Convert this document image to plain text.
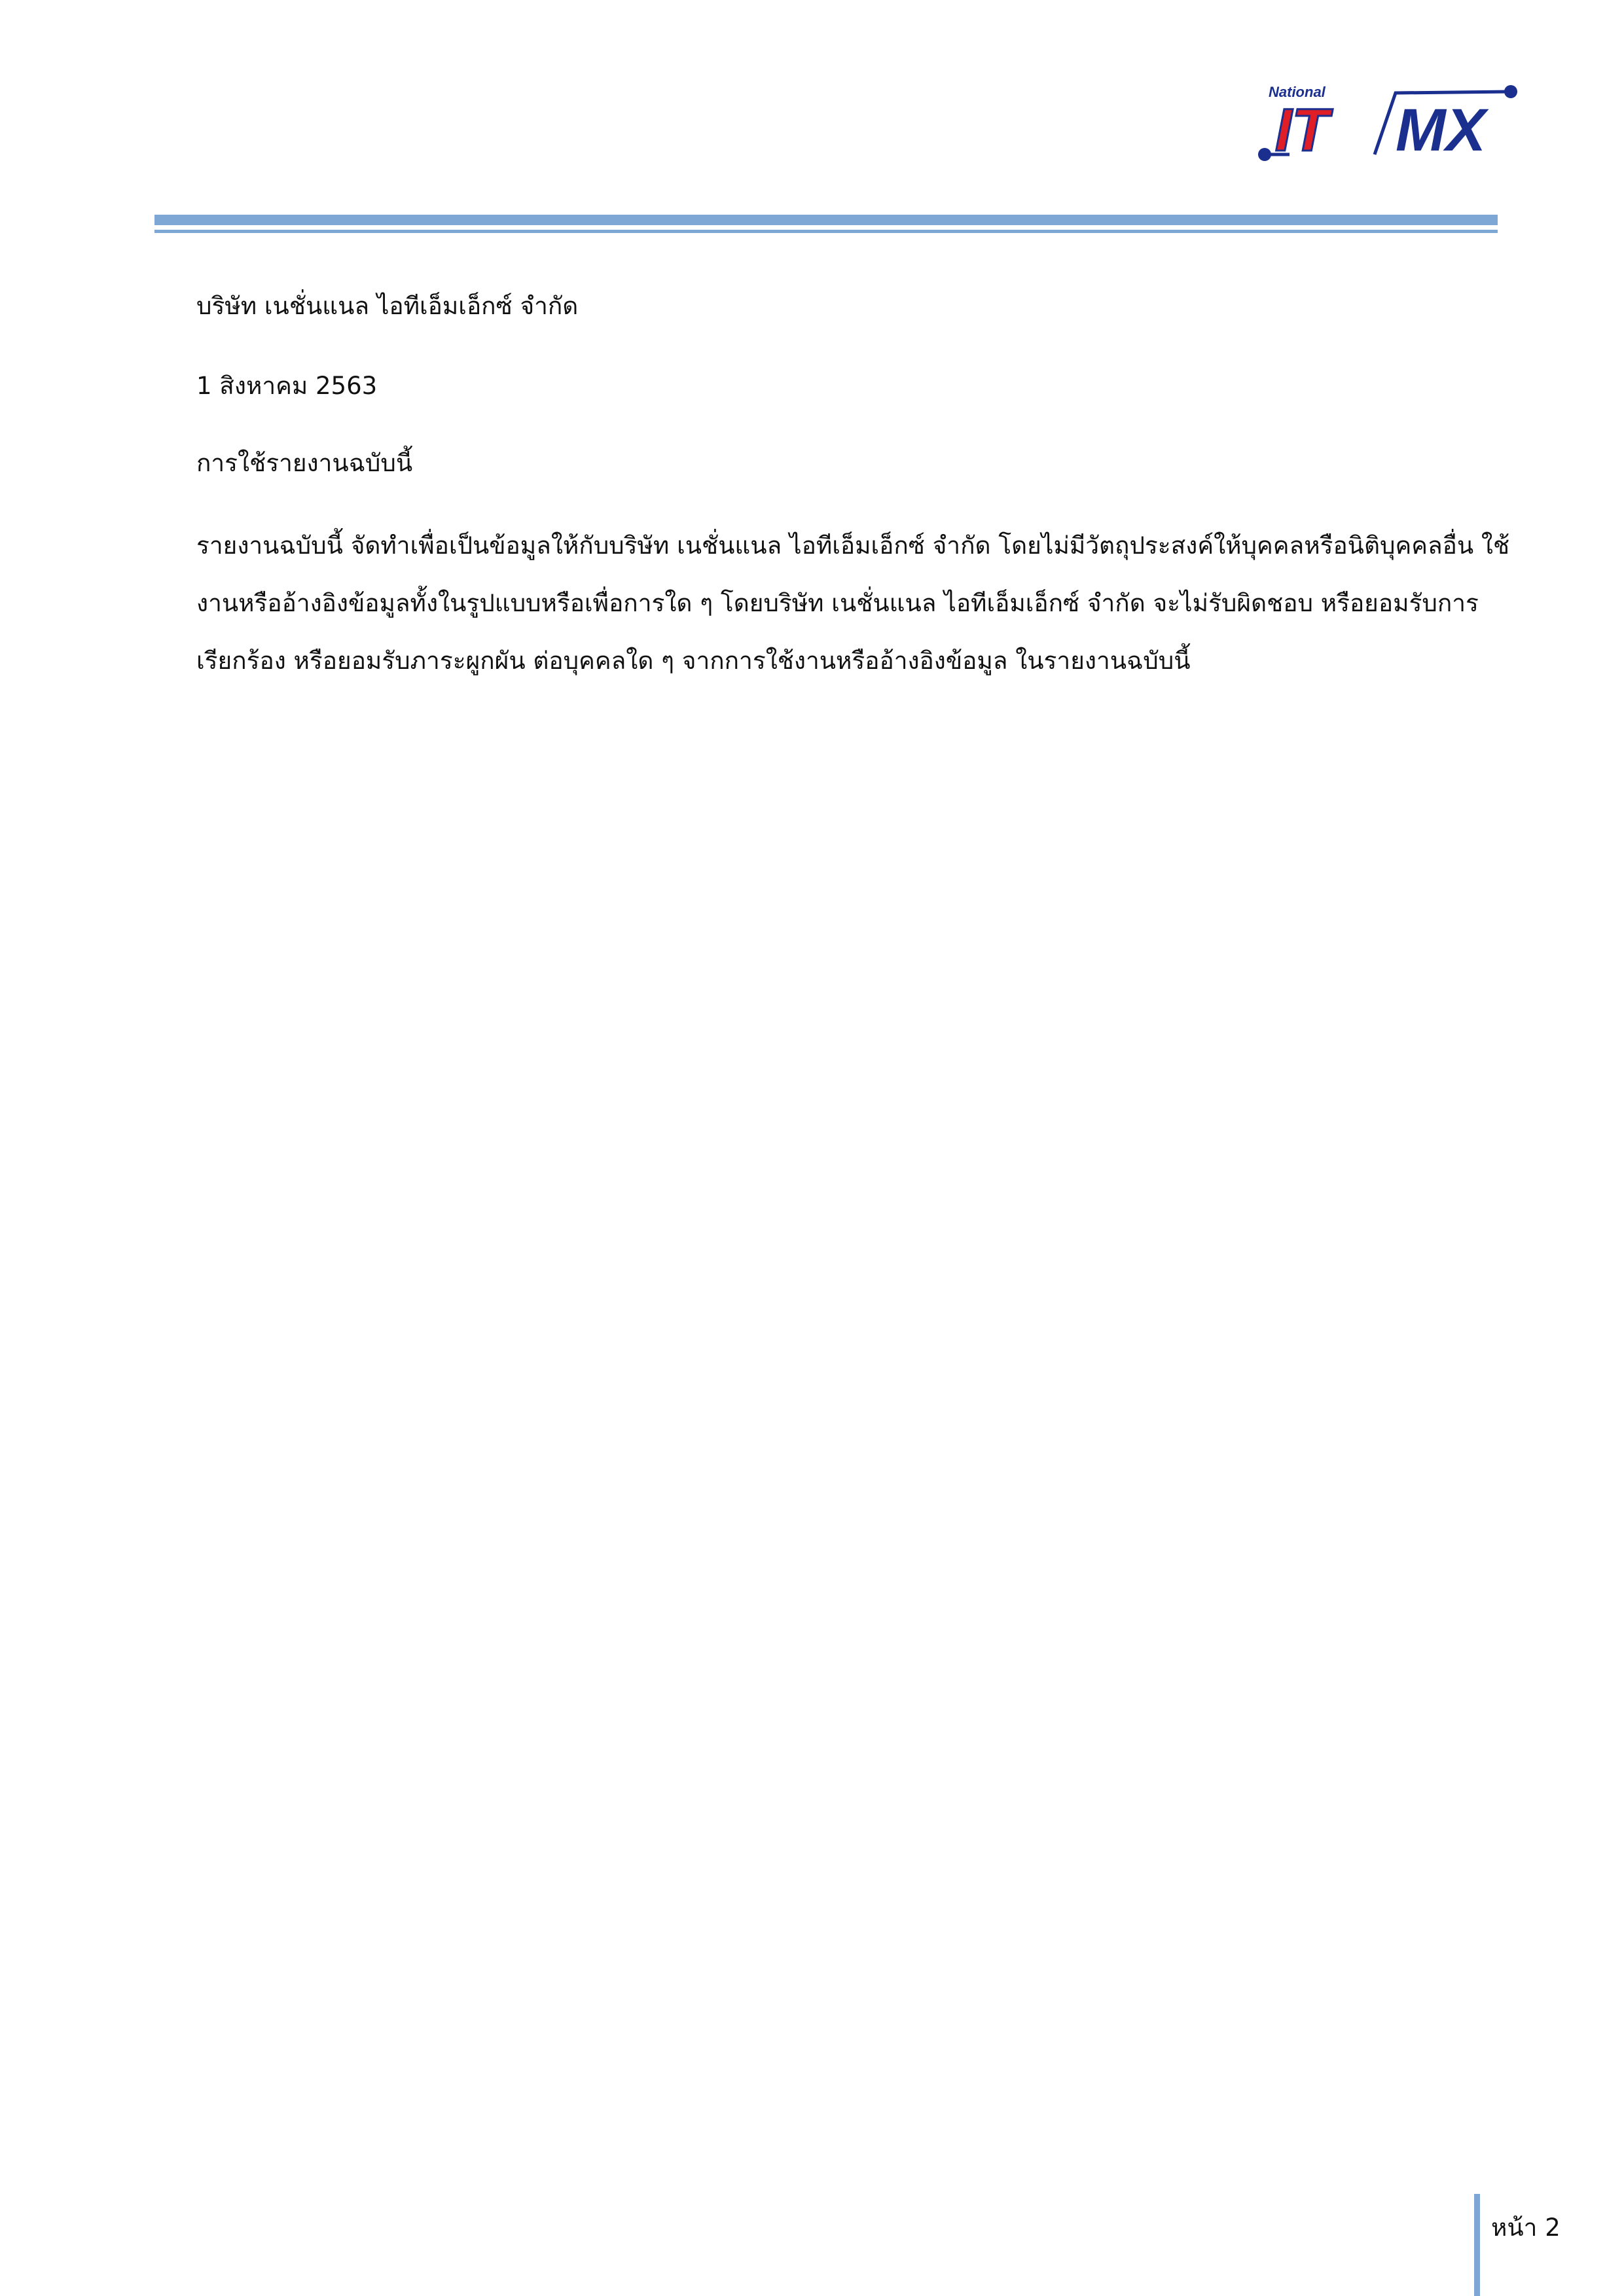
National
IT MX
บริษัท เนชั่นแนล ไอทีเอ็มเอ็กซ์ จำกัด
1 สิงหาคม 2563
การใช้รายงานฉบับนี้
รายงานฉบับนี้ จัดทำเพื่อเป็นข้อมูลให้กับบริษัท เนชั่นแนล ไอทีเอ็มเอ็กซ์ จำกัด โดยไม่มีวัตถุประสงค์ให้บุคคลหรือนิติบุคคลอื่น ใช้
งานหรืออ้างอิงข้อมูลทั้งในรูปแบบหรือเพื่อการใด ๆ โดยบริษัท เนชั่นแนล ไอทีเอ็มเอ็กซ์ จำกัด จะไม่รับผิดชอบ หรือยอมรับการ
เรียกร้อง หรือยอมรับภาระผูกผัน ต่อบุคคลใด ๆ จากการใช้งานหรืออ้างอิงข้อมูล ในรายงานฉบับนี้
หน้า 2
